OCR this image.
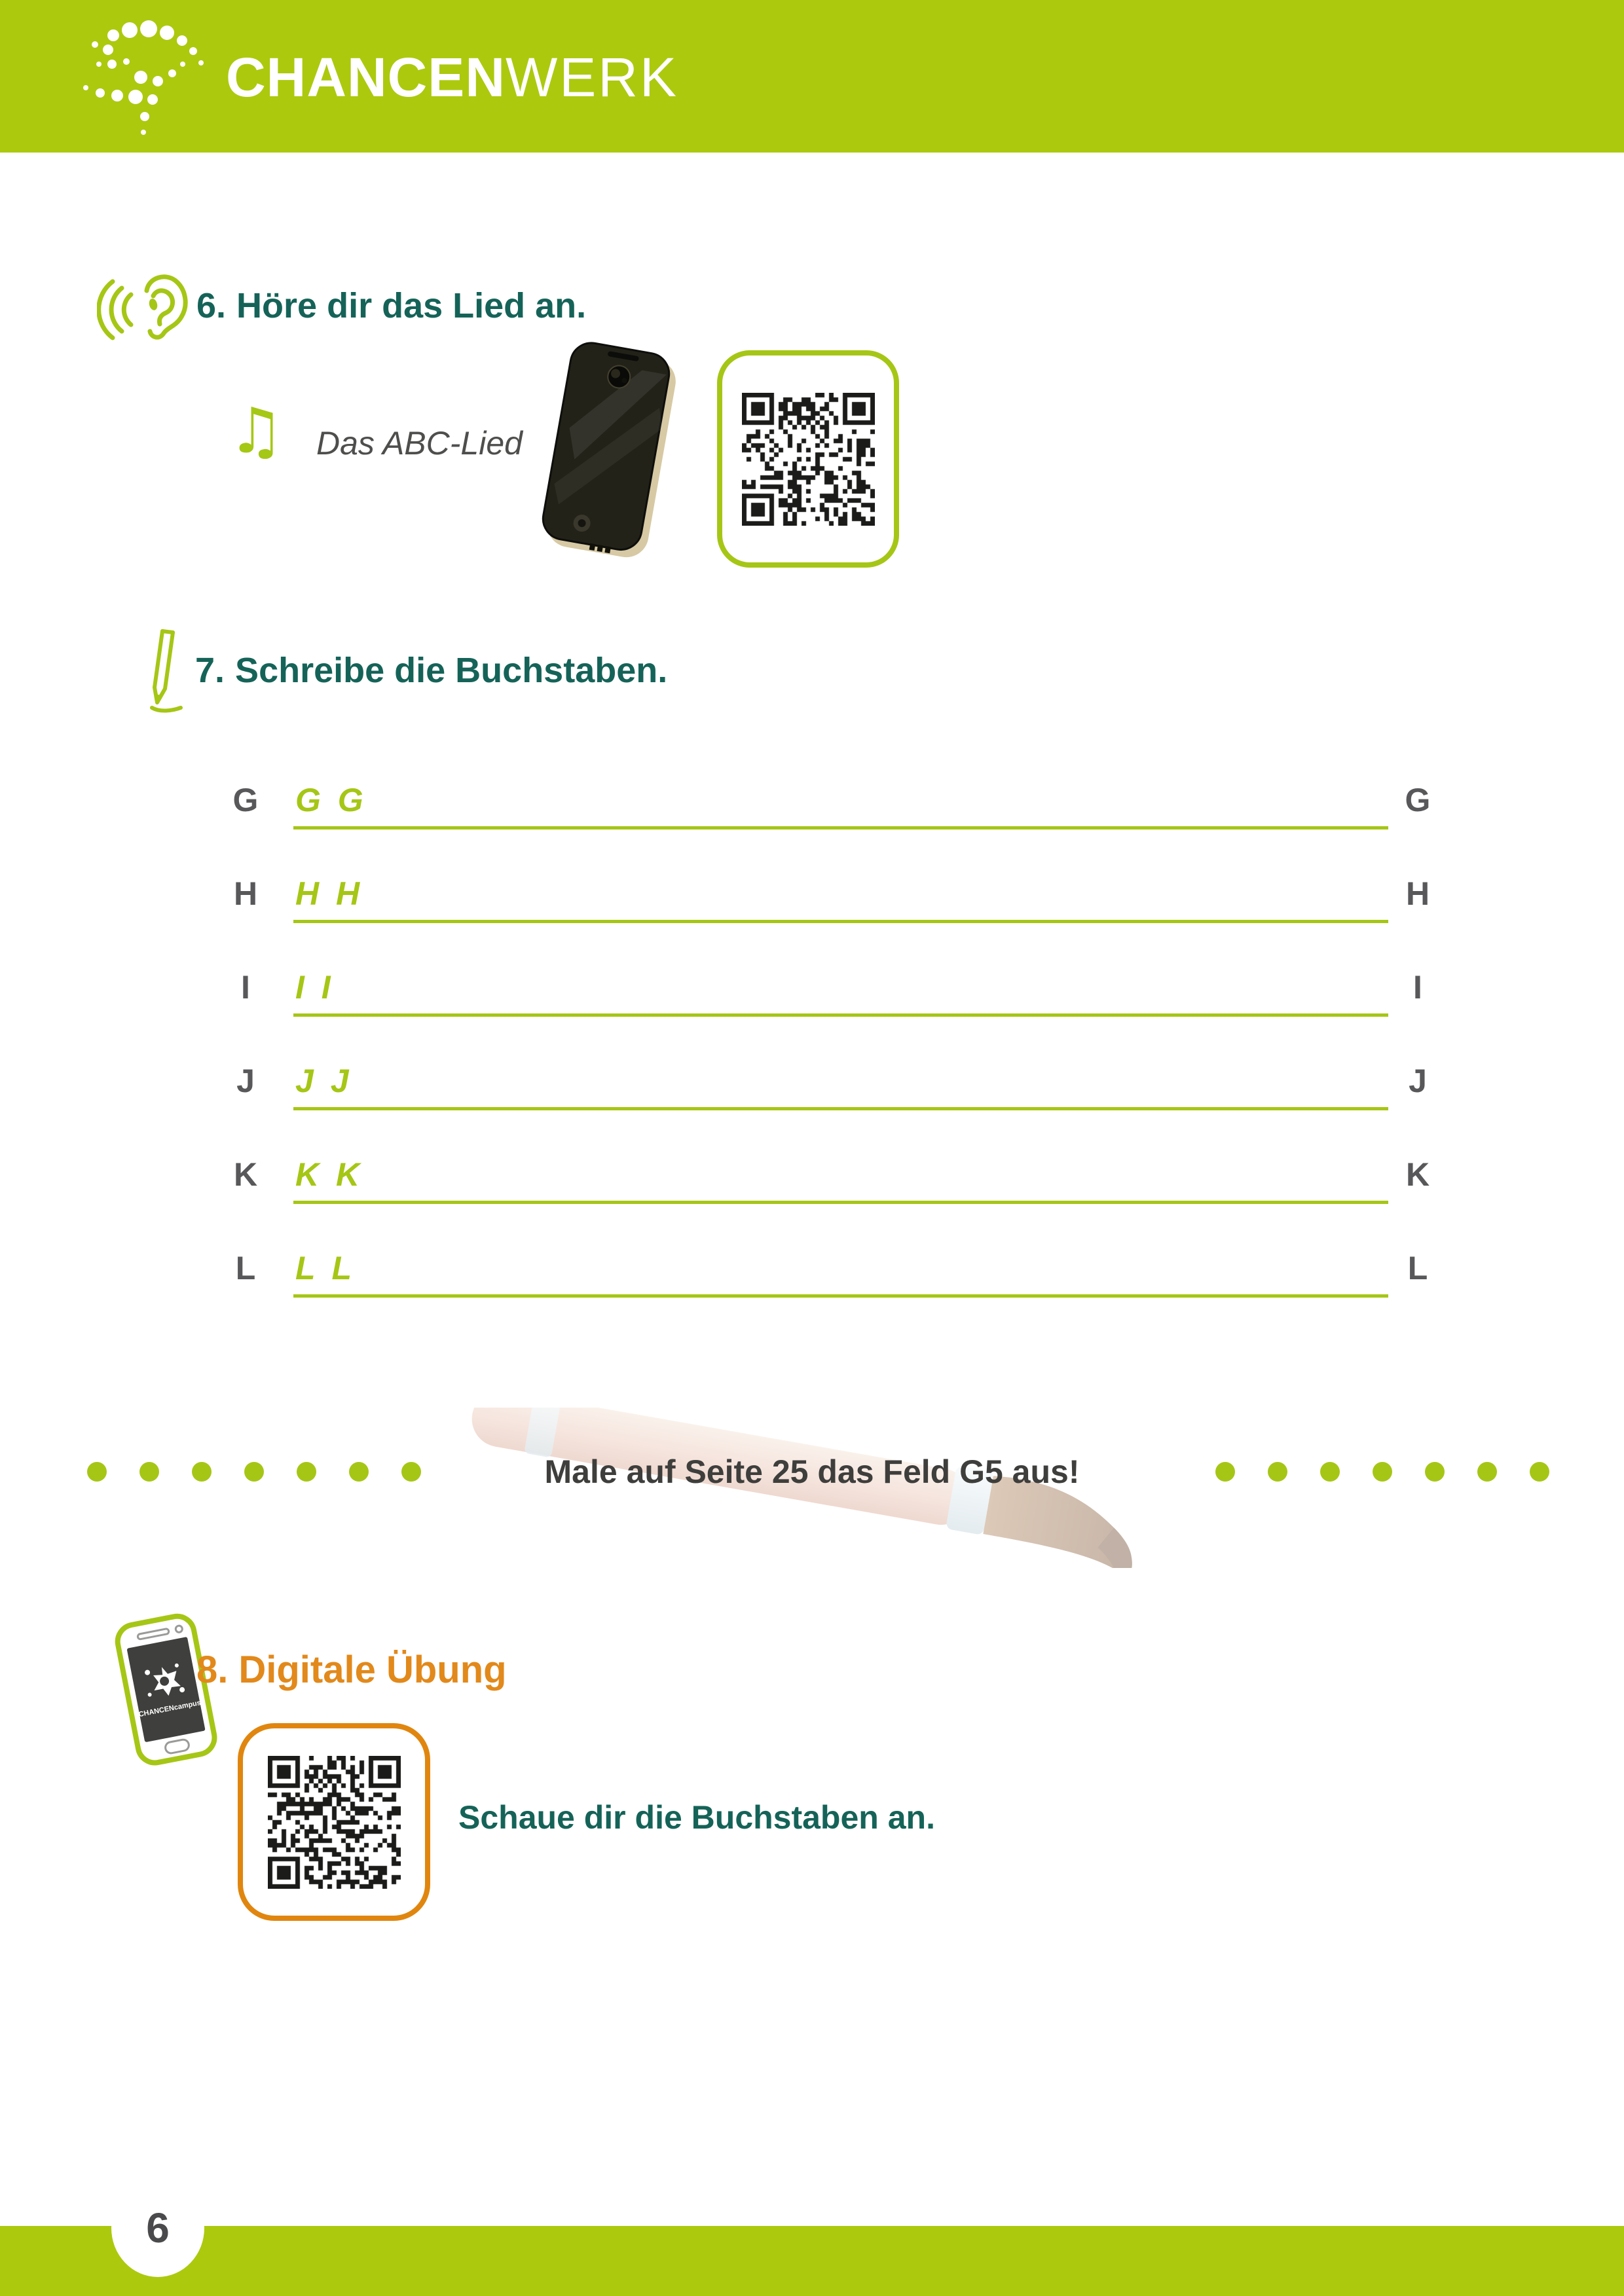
CHANCENWERK
6. Höre dir das Lied an.
♫ Das ABC-Lied
7. Schreibe die Buchstaben.
G	G G	G
H	H H	H
I	I I	I
J	J J	J
K	K K	K
L	L L	L
Male auf Seite 25 das Feld G5 aus!
CHANCENcampus
8. Digitale Übung
Schaue dir die Buchstaben an.
6
